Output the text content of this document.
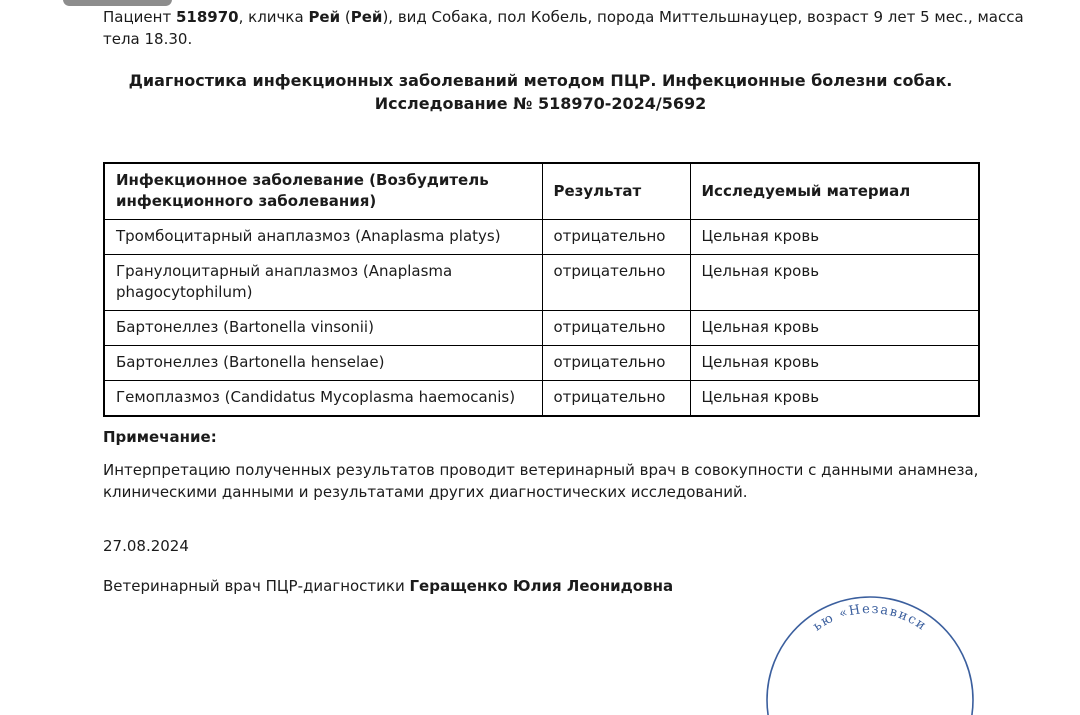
Пациент 518970, кличка Рей (Рей), вид Собака, пол Кобель, порода Миттельшнауцер, возраст 9 лет 5 мес., масса
тела 18.30.
Диагностика инфекционных заболеваний методом ПЦР. Инфекционные болезни собак.
Исследование № 518970-2024/5692
Инфекционное заболевание (Возбудитель инфекционного заболевания)	Результат	Исследуемый материал
Тромбоцитарный анаплазмоз (Anaplasma platys)	отрицательно	Цельная кровь
Гранулоцитарный анаплазмоз (Anaplasma phagocytophilum)	отрицательно	Цельная кровь
Бартонеллез (Bartonella vinsonii)	отрицательно	Цельная кровь
Бартонеллез (Bartonella henselae)	отрицательно	Цельная кровь
Гемоплазмоз (Candidatus Mycoplasma haemocanis)	отрицательно	Цельная кровь
Примечание:
Интерпретацию полученных результатов проводит ветеринарный врач в совокупности с данными анамнеза, клиническими данными и результатами других диагностических исследований.
27.08.2024
Ветеринарный врач ПЦР-диагностики Геращенко Юлия Леонидовна
ью «Независи
